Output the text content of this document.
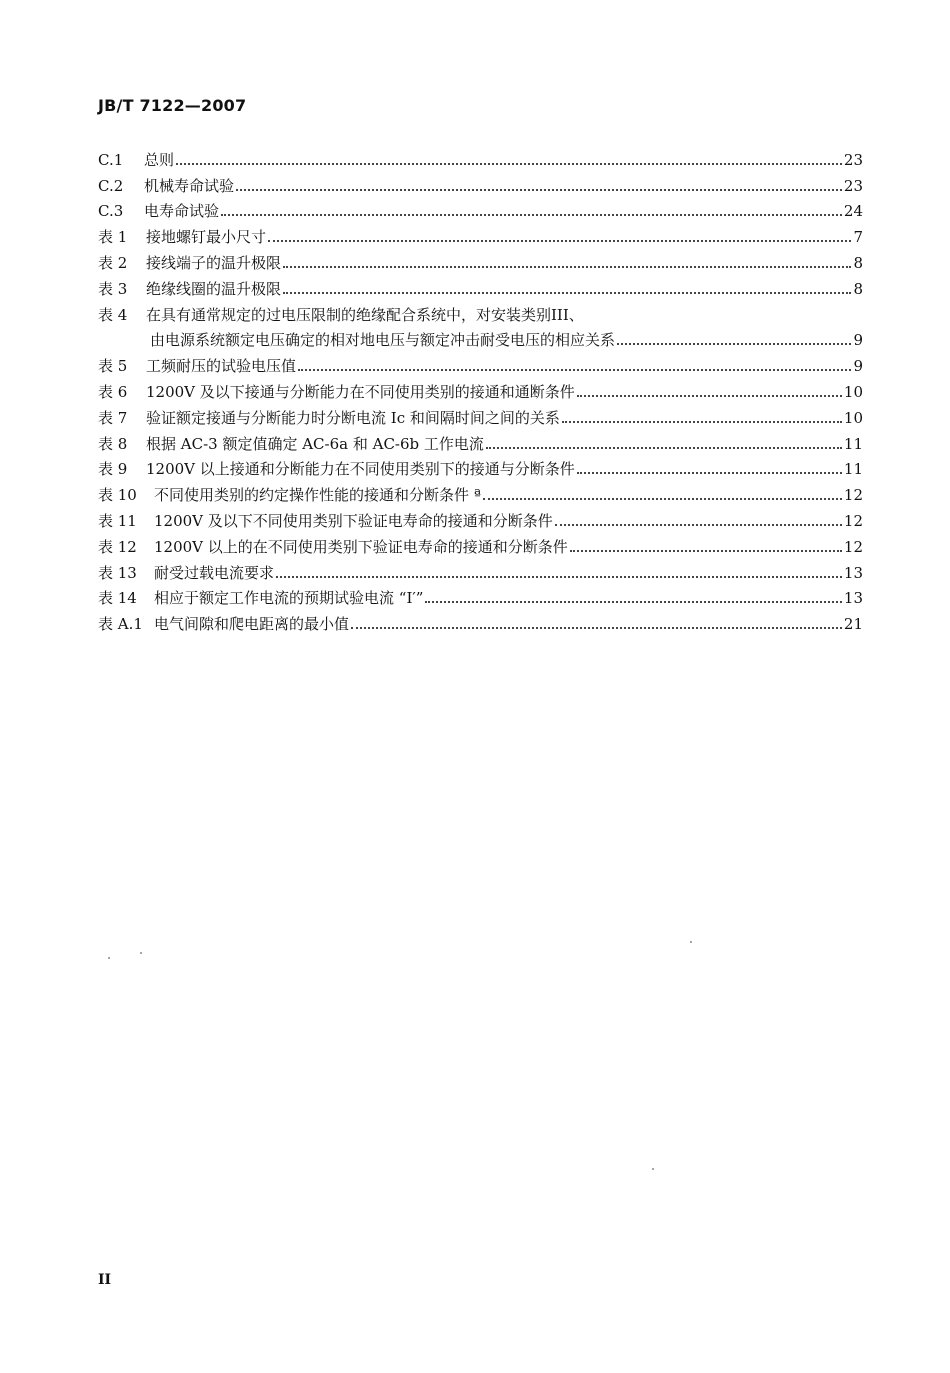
JB/T 7122—2007
C.1	总则	23
C.2	机械寿命试验	23
C.3	电寿命试验	24
表 1	接地螺钉最小尺寸	7
表 2	接线端子的温升极限	8
表 3	绝缘线圈的温升极限	8
表 4	在具有通常规定的过电压限制的绝缘配合系统中，对安装类别III、
由电源系统额定电压确定的相对地电压与额定冲击耐受电压的相应关系	9
表 5	工频耐压的试验电压值	9
表 6	1200V 及以下接通与分断能力在不同使用类别的接通和通断条件	10
表 7	验证额定接通与分断能力时分断电流 Ic 和间隔时间之间的关系	10
表 8	根据 AC-3 额定值确定 AC-6a 和 AC-6b 工作电流	11
表 9	1200V 以上接通和分断能力在不同使用类别下的接通与分断条件	11
表 10	不同使用类别的约定操作性能的接通和分断条件 ª	12
表 11	1200V 及以下不同使用类别下验证电寿命的接通和分断条件	12
表 12	1200V 以上的在不同使用类别下验证电寿命的接通和分断条件	12
表 13	耐受过载电流要求	13
表 14	相应于额定工作电流的预期试验电流 “I′”	13
表 A.1 电气间隙和爬电距离的最小值	21
II
